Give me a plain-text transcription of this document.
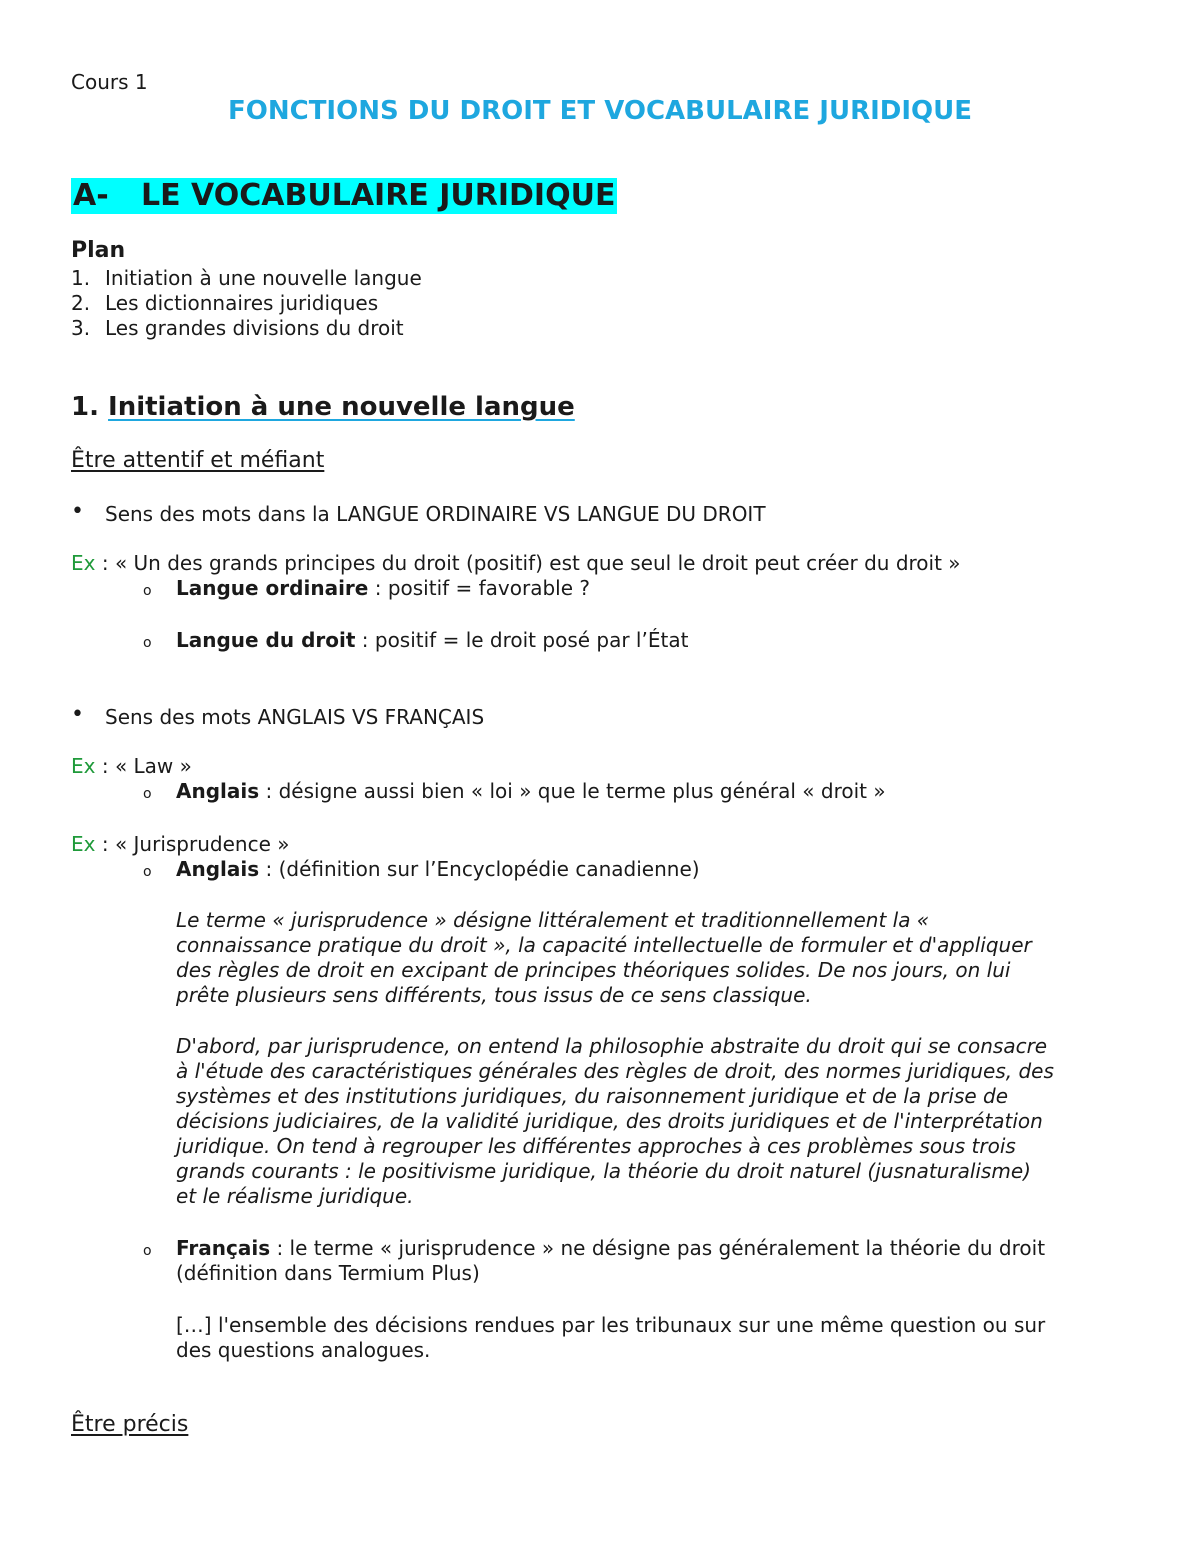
Cours 1
FONCTIONS DU DROIT ET VOCABULAIRE JURIDIQUE
A- LE VOCABULAIRE JURIDIQUE
Plan
1. Initiation à une nouvelle langue
2. Les dictionnaires juridiques
3. Les grandes divisions du droit
1. Initiation à une nouvelle langue
Être attentif et méfiant
• Sens des mots dans la LANGUE ORDINAIRE VS LANGUE DU DROIT
Ex : « Un des grands principes du droit (positif) est que seul le droit peut créer du droit »
o Langue ordinaire : positif = favorable ?
o Langue du droit : positif = le droit posé par l’État
• Sens des mots ANGLAIS VS FRANÇAIS
Ex : « Law »
o Anglais : désigne aussi bien « loi » que le terme plus général « droit »
Ex : « Jurisprudence »
o Anglais : (définition sur l’Encyclopédie canadienne)
Le terme « jurisprudence » désigne littéralement et traditionnellement la «
connaissance pratique du droit », la capacité intellectuelle de formuler et d'appliquer
des règles de droit en excipant de principes théoriques solides. De nos jours, on lui
prête plusieurs sens différents, tous issus de ce sens classique.
D'abord, par jurisprudence, on entend la philosophie abstraite du droit qui se consacre
à l'étude des caractéristiques générales des règles de droit, des normes juridiques, des
systèmes et des institutions juridiques, du raisonnement juridique et de la prise de
décisions judiciaires, de la validité juridique, des droits juridiques et de l'interprétation
juridique. On tend à regrouper les différentes approches à ces problèmes sous trois
grands courants : le positivisme juridique, la théorie du droit naturel (jusnaturalisme)
et le réalisme juridique.
o Français : le terme « jurisprudence » ne désigne pas généralement la théorie du droit
(définition dans Termium Plus)
[…] l'ensemble des décisions rendues par les tribunaux sur une même question ou sur
des questions analogues.
Être précis
